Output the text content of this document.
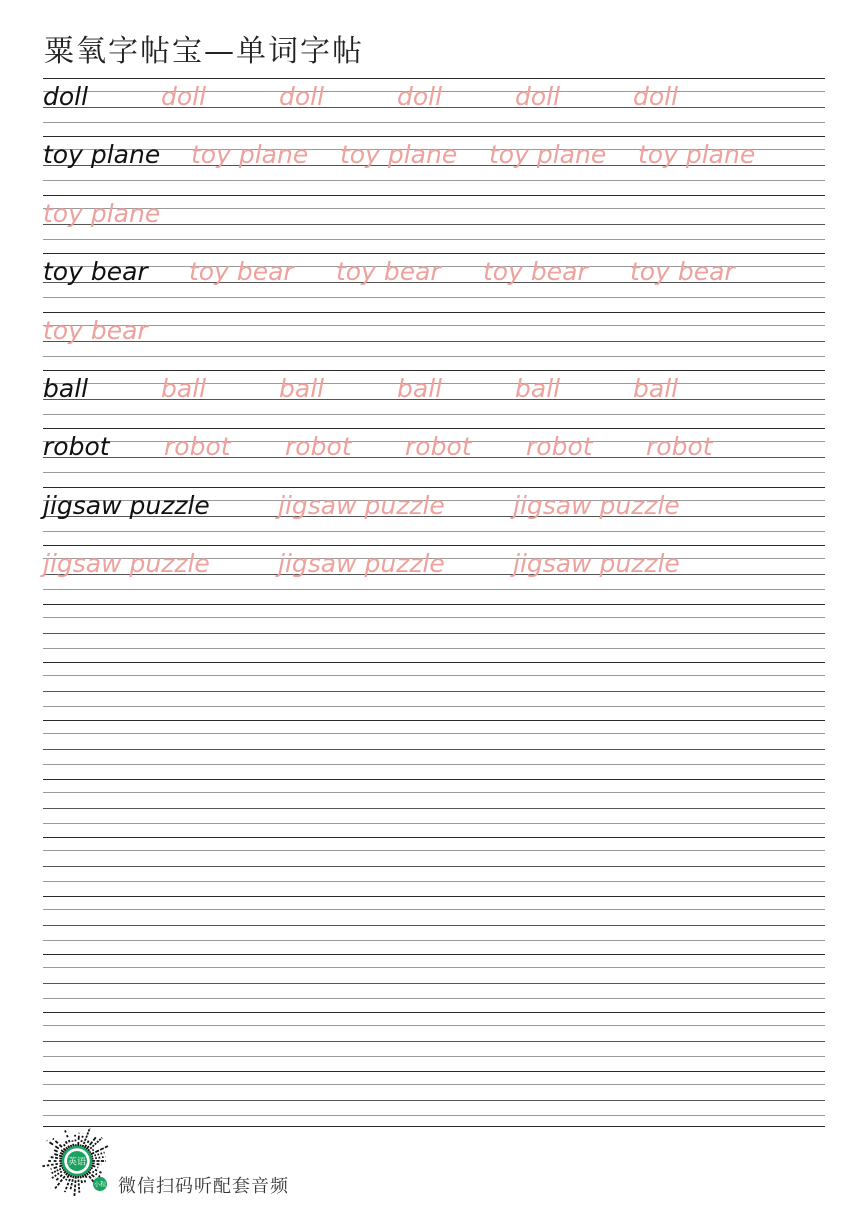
粟氧字帖宝—单词字帖
doll	doll	doll	doll	doll	doll
toy plane toy plane toy plane toy plane toy plane
toy plane
toy bear toy bear toy bear toy bear toy bear
toy bear
ball	ball	ball	ball	ball	ball
robot robot robot robot robot robot
jigsaw puzzle	jigsaw puzzle	jigsaw puzzle
jigsaw puzzle	jigsaw puzzle	jigsaw puzzle
英语
小程 微信扫码听配套音频
